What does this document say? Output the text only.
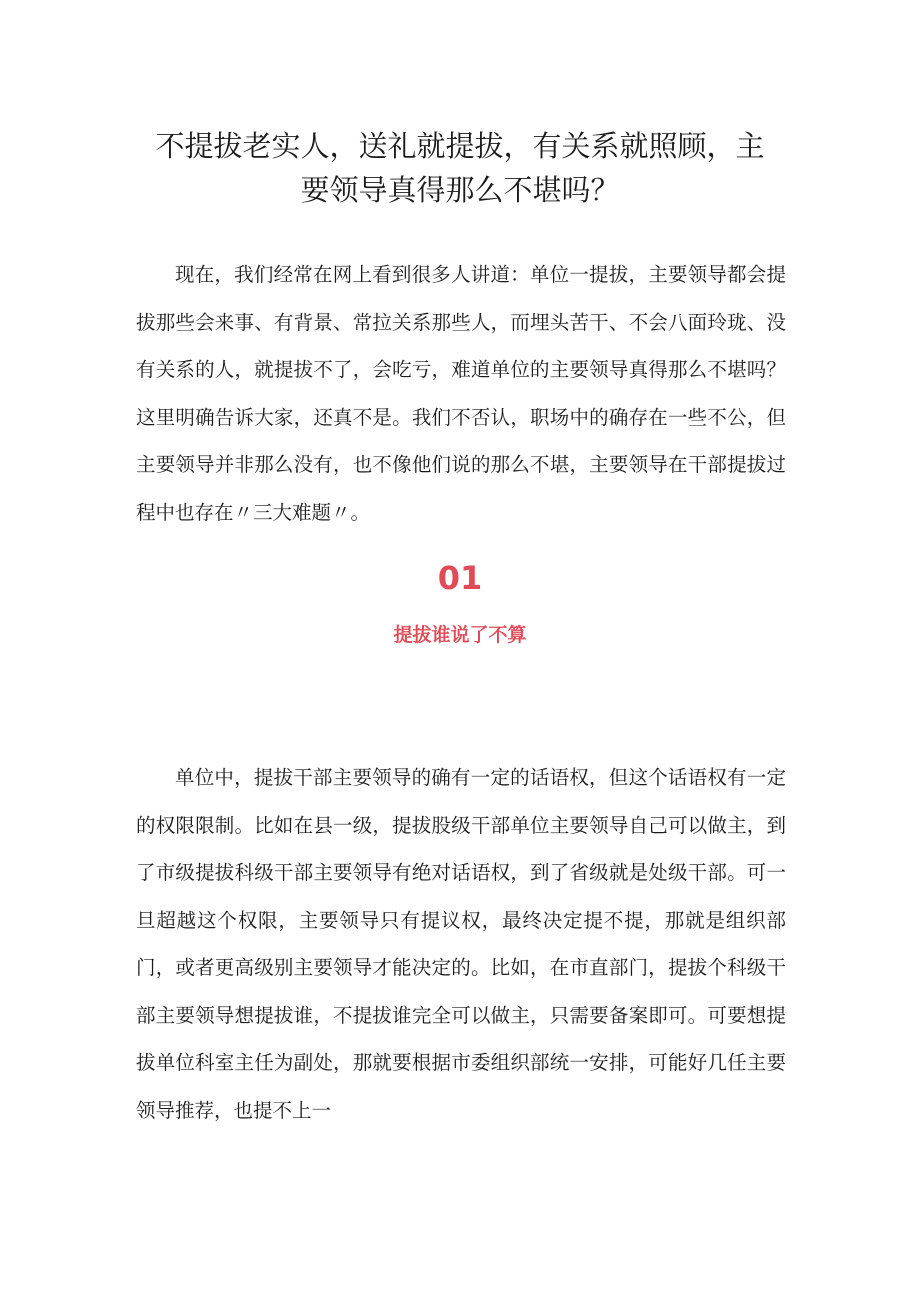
不提拔老实人，送礼就提拔，有关系就照顾，主要领导真得那么不堪吗？

现在，我们经常在网上看到很多人讲道：单位一提拔，主要领导都会提拔那些会来事、有背景、常拉关系那些人，而埋头苦干、不会八面玲珑、没有关系的人，就提拔不了，会吃亏，难道单位的主要领导真得那么不堪吗？这里明确告诉大家，还真不是。我们不否认，职场中的确存在一些不公，但主要领导并非那么没有，也不像他们说的那么不堪，主要领导在干部提拔过程中也存在〃三大难题〃。

01
提拔谁说了不算

单位中，提拔干部主要领导的确有一定的话语权，但这个话语权有一定的权限限制。比如在县一级，提拔股级干部单位主要领导自己可以做主，到了市级提拔科级干部主要领导有绝对话语权，到了省级就是处级干部。可一旦超越这个权限，主要领导只有提议权，最终决定提不提，那就是组织部门，或者更高级别主要领导才能决定的。比如，在市直部门，提拔个科级干部主要领导想提拔谁，不提拔谁完全可以做主，只需要备案即可。可要想提拔单位科室主任为副处，那就要根据市委组织部统一安排，可能好几任主要领导推荐，也提不上一
